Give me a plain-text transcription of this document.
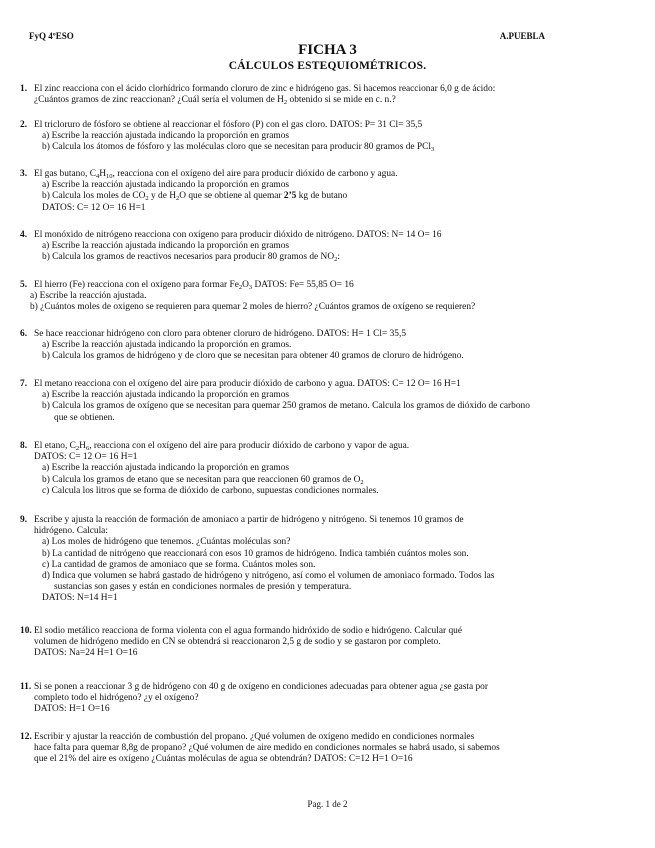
FyQ 4ºESO	A.PUEBLA
FICHA 3
CÁLCULOS ESTEQUIOMÉTRICOS.
1. El zinc reacciona con el ácido clorhídrico formando cloruro de zinc e hidrógeno gas. Si hacemos reaccionar 6,0 g de ácido:
¿Cuántos gramos de zinc reaccionan? ¿Cuál sería el volumen de $H_2$ obtenido si se mide en c. n.?
2. El tricloruro de fósforo se obtiene al reaccionar el fósforo (P) con el gas cloro. DATOS: P= 31 Cl= 35,5
a) Escribe la reacción ajustada indicando la proporción en gramos
b) Calcula los átomos de fósforo y las moléculas cloro que se necesitan para producir 80 gramos de PCl$_3$
3. El gas butano, $C_4H_{10}$, reacciona con el oxígeno del aire para producir dióxido de carbono y agua.
a) Escribe la reacción ajustada indicando la proporción en gramos
b) Calcula los moles de $CO_2$ y de $H_2O$ que se obtiene al quemar 2’5 kg de butano
DATOS: C= 12 O= 16 H=1
4. El monóxido de nitrógeno reacciona con oxígeno para producir dióxido de nitrógeno. DATOS: N= 14 O= 16
a) Escribe la reacción ajustada indicando la proporción en gramos
b) Calcula los gramos de reactivos necesarios para producir 80 gramos de $NO_2$:
5. El hierro (Fe) reacciona con el oxígeno para formar $Fe_2O_3$ DATOS: Fe= 55,85 O= 16
a) Escribe la reacción ajustada.
b) ¿Cuántos moles de oxigeno se requieren para quemar 2 moles de hierro? ¿Cuántos gramos de oxígeno se requieren?
6. Se hace reaccionar hidrógeno con cloro para obtener cloruro de hidrógeno. DATOS: H= 1 Cl= 35,5
a) Escribe la reacción ajustada indicando la proporción en gramos.
b) Calcula los gramos de hidrógeno y de cloro que se necesitan para obtener 40 gramos de cloruro de hidrógeno.
7. El metano reacciona con el oxígeno del aire para producir dióxido de carbono y agua. DATOS: C= 12 O= 16 H=1
a) Escribe la reacción ajustada indicando la proporción en gramos
b) Calcula los gramos de oxígeno que se necesitan para quemar 250 gramos de metano. Calcula los gramos de dióxido de carbono
que se obtienen.
8. El etano, $C_2H_6$, reacciona con el oxígeno del aire para producir dióxido de carbono y vapor de agua.
DATOS: C= 12 O= 16 H=1
a) Escribe la reacción ajustada indicando la proporción en gramos
b) Calcula los gramos de etano que se necesitan para que reaccionen 60 gramos de $O_2$
c) Calcula los litros que se forma de dióxido de carbono, supuestas condiciones normales.
9. Escribe y ajusta la reacción de formación de amoniaco a partir de hidrógeno y nitrógeno. Si tenemos 10 gramos de
hidrógeno. Calcula:
a) Los moles de hidrógeno que tenemos. ¿Cuántas moléculas son?
b) La cantidad de nitrógeno que reaccionará con esos 10 gramos de hidrógeno. Indica también cuántos moles son.
c) La cantidad de gramos de amoniaco que se forma. Cuántos moles son.
d) Indica que volumen se habrá gastado de hidrógeno y nitrógeno, así como el volumen de amoniaco formado. Todos las
sustancias son gases y están en condiciones normales de presión y temperatura.
DATOS: N=14 H=1
10. El sodio metálico reacciona de forma violenta con el agua formando hidróxido de sodio e hidrógeno. Calcular qué
volumen de hidrógeno medido en CN se obtendrá si reaccionaron 2,5 g de sodio y se gastaron por completo.
DATOS: Na=24 H=1 O=16
11. Si se ponen a reaccionar 3 g de hidrógeno con 40 g de oxígeno en condiciones adecuadas para obtener agua ¿se gasta por
completo todo el hidrógeno? ¿y el oxígeno?
DATOS: H=1 O=16
12. Escribir y ajustar la reacción de combustión del propano. ¿Qué volumen de oxígeno medido en condiciones normales
hace falta para quemar 8,8g de propano? ¿Qué volumen de aire medido en condiciones normales se habrá usado, si sabemos
que el 21% del aire es oxígeno ¿Cuántas moléculas de agua se obtendrán? DATOS: C=12 H=1 O=16
Pag. 1 de 2
